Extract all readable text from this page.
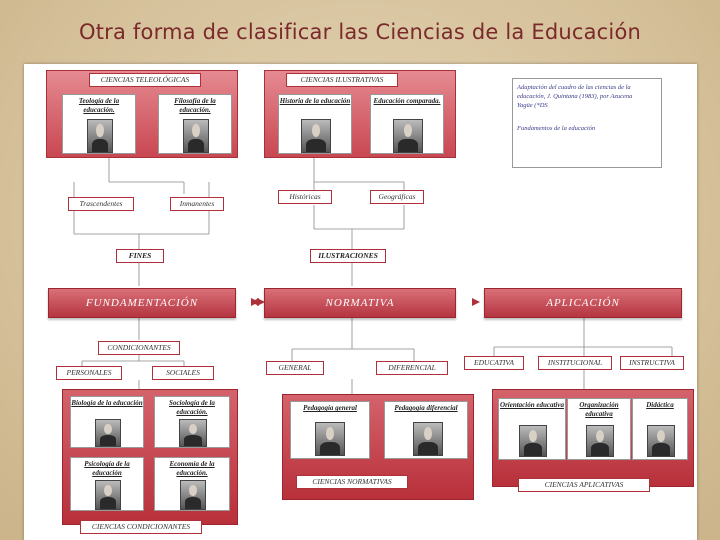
Otra forma de clasificar las Ciencias de la Educación
CIENCIAS TELEOLÓGICAS
Teología de la educación.
Filosofía de la educación.
Trascendentes	Inmanentes
FINES
CIENCIAS ILUSTRATIVAS
Historia de la educación	Educación comparada.
Históricas	Geográficas
ILUSTRACIONES
Adaptación del cuadro de las ciencias de la
educación, J. Quintana (1983), por Azucena
Yagüe (*DS
Fundamentos de la educación
FUNDAMENTACIÓN	NORMATIVA	APLICACIÓN
CONDICIONANTES
PERSONALES	SOCIALES
Biología de la educación	Sociología de la educación.
Psicología de la educación
Economía de la educación.
CIENCIAS CONDICIONANTES
GENERAL	DIFERENCIAL
Pedagogía general	Pedagogía diferencial
CIENCIAS NORMATIVAS
EDUCATIVA	INSTITUCIONAL	INSTRUCTIVA
Orientación educativa	Organización educativa
Didáctica
CIENCIAS APLICATIVAS
